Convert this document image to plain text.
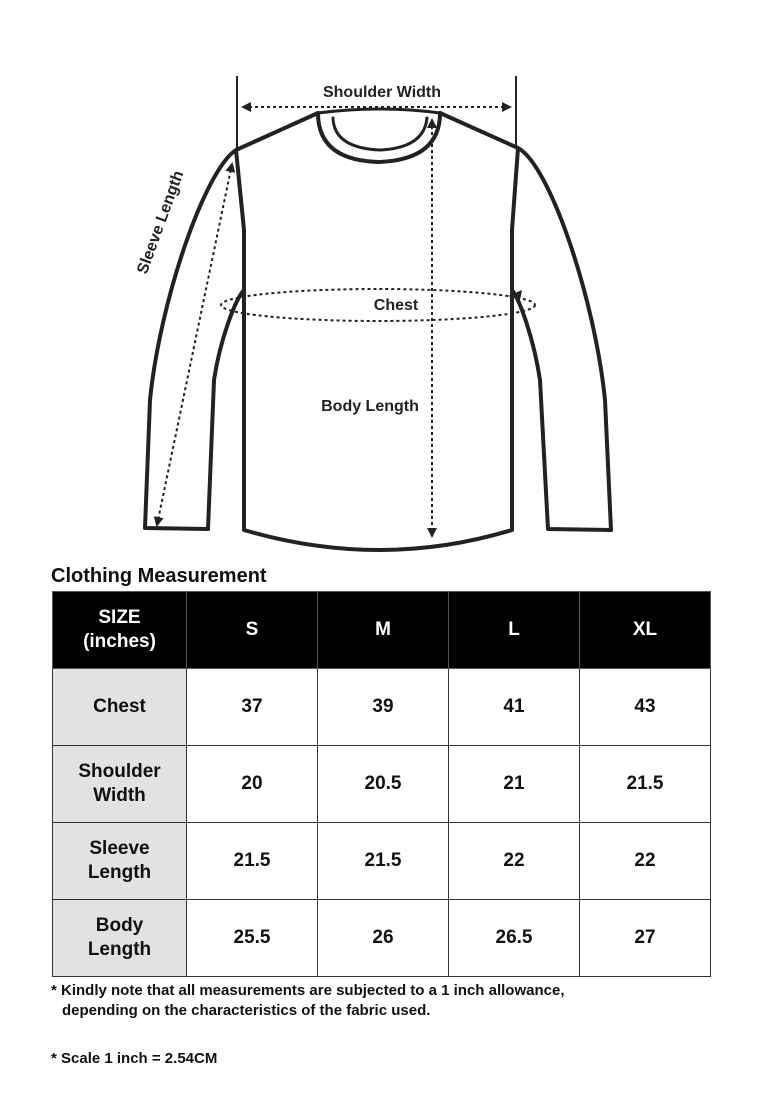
Shoulder Width
Sleeve Length
Chest
Body Length
Clothing Measurement
SIZE
(inches)	S	M	L	XL

Chest	37	39	41	43

Shoulder
Width	20	20.5	21	21.5

Sleeve
Length	21.5	21.5	22	22

Body
Length	25.5	26	26.5	27

* Kindly note that all measurements are subjected to a 1 inch allowance,

depending on the characteristics of the fabric used.

* Scale 1 inch = 2.54CM
